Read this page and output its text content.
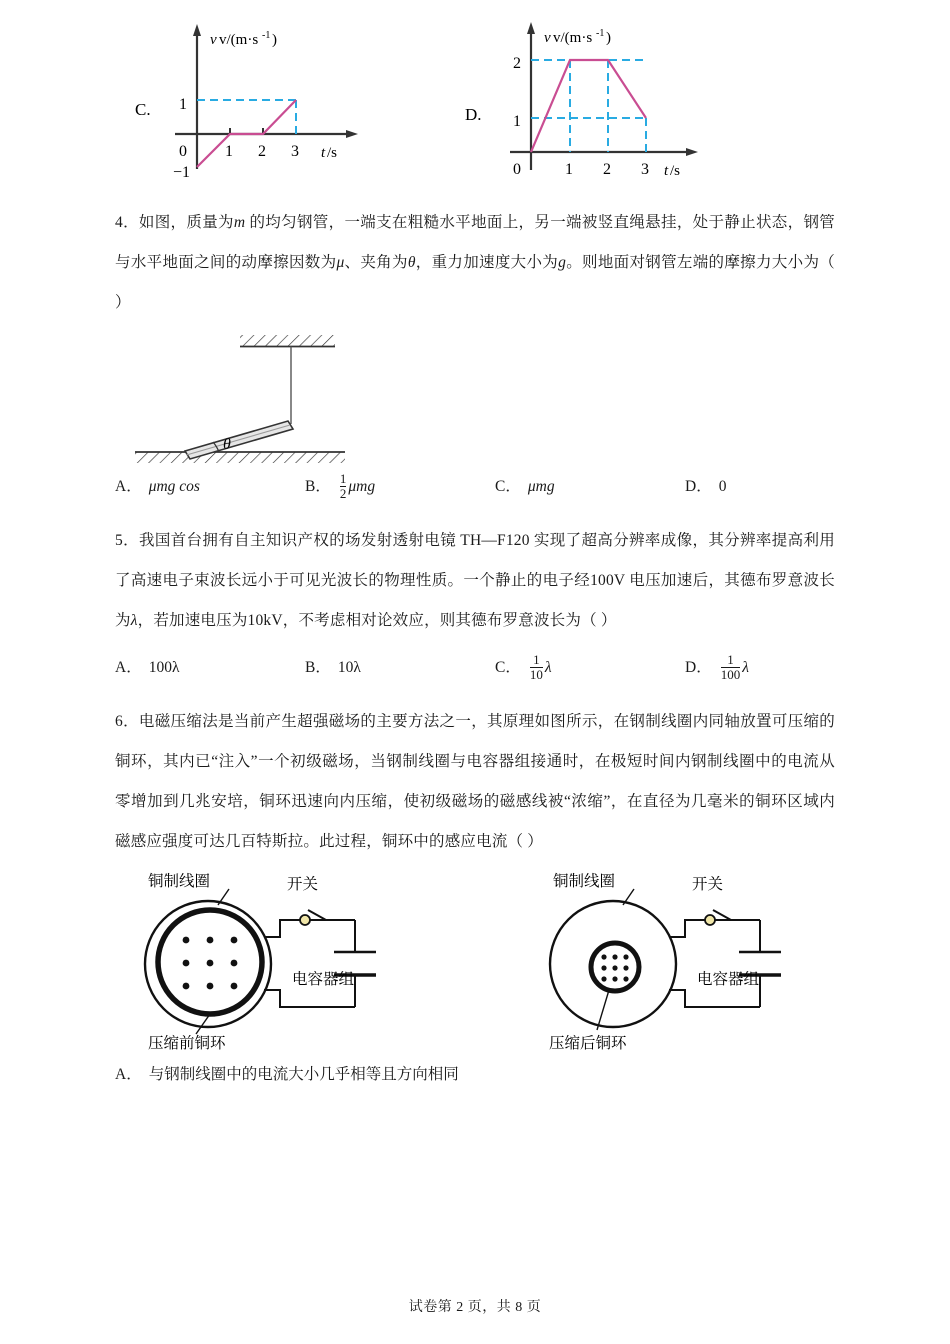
C.
v v/(m·s -1 )
0
1
−1
1 2 3 t /s
D.
v v/(m·s -1 )
0
2
1
1 2 3 t /s
4．如图，质量为m 的均匀钢管，一端支在粗糙水平地面上，另一端被竖直绳悬挂，处于静止状态，钢管与水平地面之间的动摩擦因数为μ、夹角为θ，重力加速度大小为g。则地面对钢管左端的摩擦力大小为（ ）
θ
A． μmg cos	B． $\frac{1}{2}$ μmg	C． μmg	D． 0
5．我国首台拥有自主知识产权的场发射透射电镜 TH—F120 实现了超高分辨率成像，其分辨率提高利用了高速电子束波长远小于可见光波长的物理性质。一个静止的电子经100V 电压加速后，其德布罗意波长为λ，若加速电压为10kV，不考虑相对论效应，则其德布罗意波长为（ ）
A． 100λ	B． 10λ	C． $\frac{1}{10}$ λ	D． $\frac{1}{100}$ λ
6．电磁压缩法是当前产生超强磁场的主要方法之一，其原理如图所示，在钢制线圈内同轴放置可压缩的铜环，其内已“注入”一个初级磁场，当钢制线圈与电容器组接通时，在极短时间内钢制线圈中的电流从零增加到几兆安培，铜环迅速向内压缩，使初级磁场的磁感线被“浓缩”，在直径为几毫米的铜环区域内磁感应强度可达几百特斯拉。此过程，铜环中的感应电流（ ）
铜制线圈	开关
电容器组
压缩前铜环
铜制线圈	开关
电容器组
压缩后铜环
A． 与钢制线圈中的电流大小几乎相等且方向相同
试卷第 2 页，共 8 页
